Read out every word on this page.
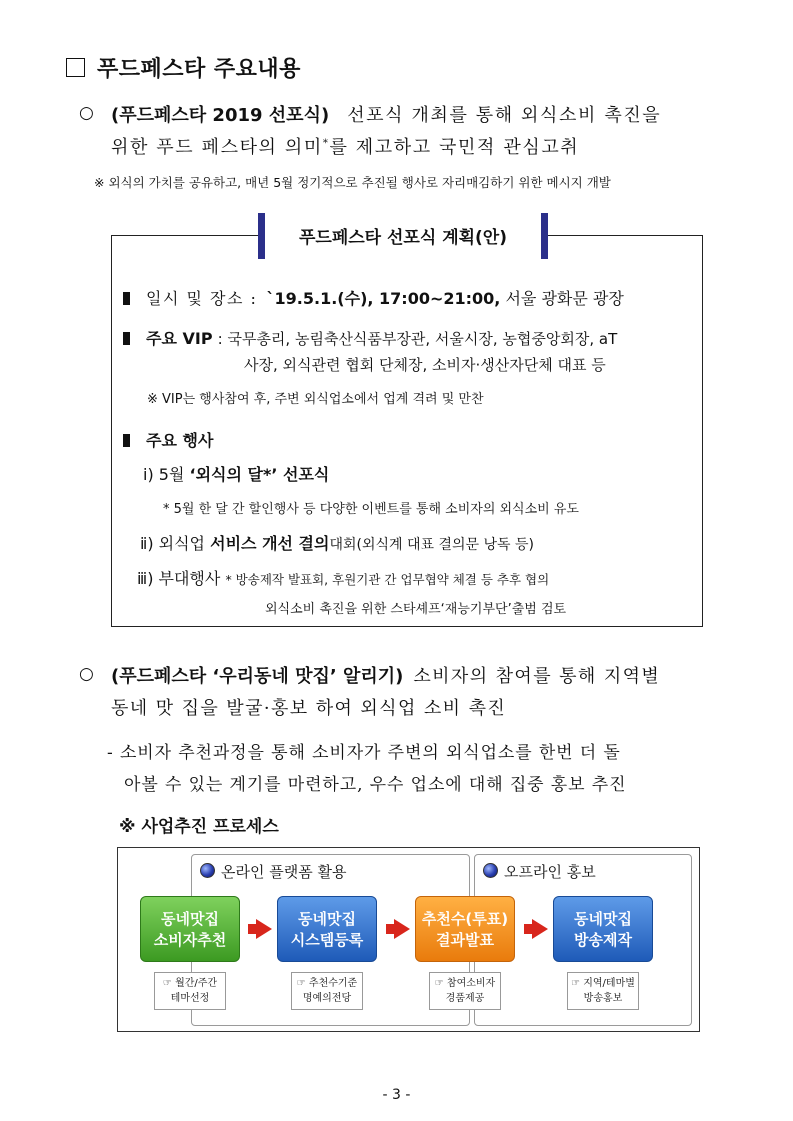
푸드페스타 주요내용
○ (푸드페스타 2019 선포식) 선포식 개최를 통해 외식소비 촉진을
위한 푸드 페스타의 의미*를 제고하고 국민적 관심고취
※ 외식의 가치를 공유하고, 매년 5월 정기적으로 추진될 행사로 자리매김하기 위한 메시지 개발
푸드페스타 선포식 계획(안)
일시 및 장소 : `19.5.1.(수), 17:00~21:00, 서울 광화문 광장
주요 VIP : 국무총리, 농림축산식품부장관, 서울시장, 농협중앙회장, aT
사장, 외식관련 협회 단체장, 소비자·생산자단체 대표 등
※ VIP는 행사참여 후, 주변 외식업소에서 업계 격려 및 만찬
주요 행사
ⅰ) 5월 ‘외식의 달*’ 선포식
* 5월 한 달 간 할인행사 등 다양한 이벤트를 통해 소비자의 외식소비 유도
ⅱ) 외식업 서비스 개선 결의대회(외식계 대표 결의문 낭독 등)
ⅲ) 부대행사 * 방송제작 발표회, 후원기관 간 업무협약 체결 등 추후 협의
외식소비 촉진을 위한 스타셰프‘재능기부단’출범 검토
○ (푸드페스타 ‘우리동네 맛집’ 알리기) 소비자의 참여를 통해 지역별
동네 맛 집을 발굴·홍보 하여 외식업 소비 촉진
- 소비자 추천과정을 통해 소비자가 주변의 외식업소를 한번 더 돌
아볼 수 있는 계기를 마련하고, 우수 업소에 대해 집중 홍보 추진
※ 사업추진 프로세스
온라인 플랫폼 활용	오프라인 홍보
동네맛집
소비자추천
☞ 월간/주간
테마선정
동네맛집
시스템등록
☞ 추천수기준
명예의전당
추천수(투표)
결과발표
☞ 참여소비자
경품제공
동네맛집
방송제작
☞ 지역/테마별
방송홍보
- 3 -
